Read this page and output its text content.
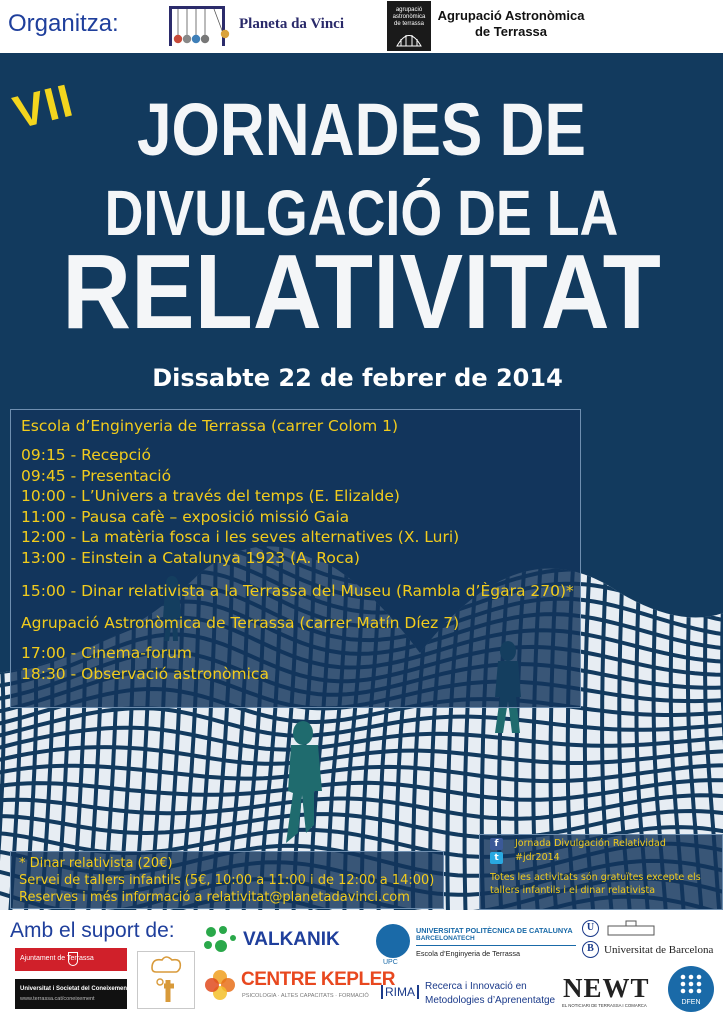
Organitza:	Planeta da Vinci
agrupació astronòmica de terrassa
Agrupació Astronòmica de Terrassa
JORNADES DE
DIVULGACIÓ DE LA
RELATIVITAT
VII
Dissabte 22 de febrer de 2014
Escola d’Enginyeria de Terrassa (carrer Colom 1)
09:15 - Recepció
09:45 - Presentació
10:00 - L’Univers a través del temps (E. Elizalde)
11:00 - Pausa cafè – exposició missió Gaia
12:00 - La matèria fosca i les seves alternatives (X. Luri)
13:00 - Einstein a Catalunya 1923 (A. Roca)
15:00 - Dinar relativista a la Terrassa del Museu (Rambla d’Ègara 270)*
Agrupació Astronòmica de Terrassa (carrer Matín Díez 7)
17:00 - Cinema-forum
18:30 - Observació astronòmica
f Jornada Divulgación Relatividad
t #jdr2014
Totes les activitats són gratuïtes excepte els
tallers infantils i el dinar relativista
* Dinar relativista (20€)
Servei de tallers infantils (5€, 10:00 a 11:00 i de 12:00 a 14:00)
Reserves i més informació a relativitat@planetadavinci.com
Amb el suport de:	VALKANIK
UPC
UNIVERSITAT POLITÈCNICA DE CATALUNYA
BARCELONATECH
Escola d’Enginyeria de Terrassa
U
B Universitat de Barcelona
Ajuntament de Terrassa
Universitat i Societat del Coneixement
www.terrassa.cat/coneixement
CENTRE KEPLER
PSICOLOGIA · ALTES CAPACITATS · FORMACIÓ	RIMA	Recerca i Innovació en
Metodologies d’Aprenentatge NEWT
EL NOTICIARI DE TERRASSA I COMARCA	DFEN
